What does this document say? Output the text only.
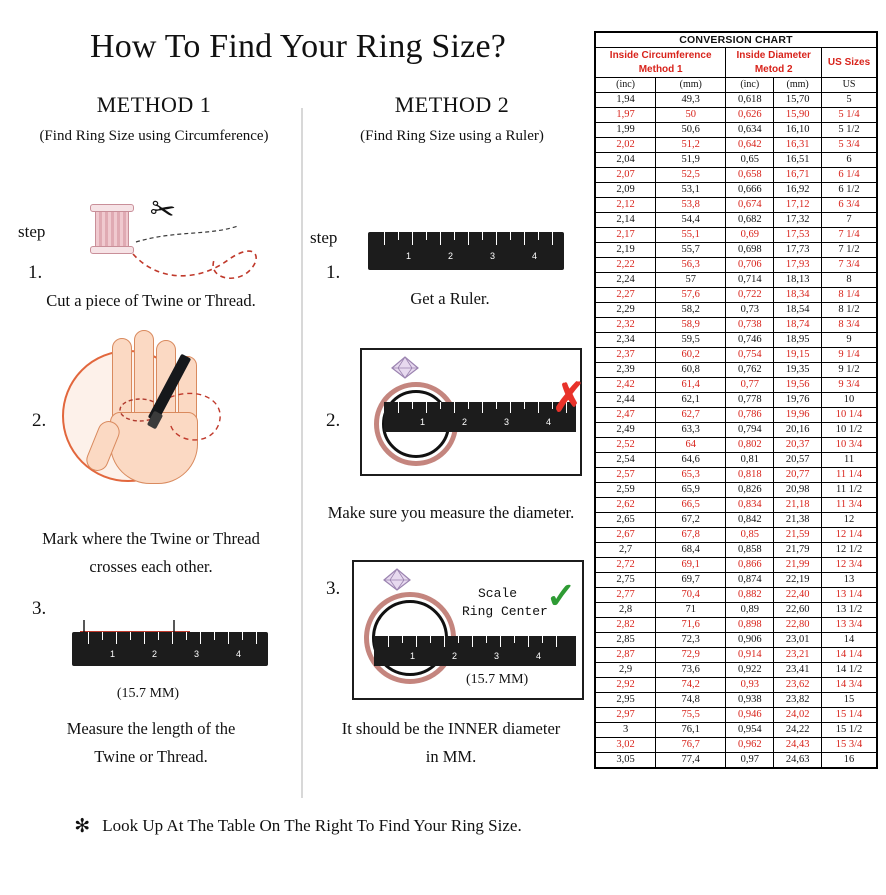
How To Find Your Ring Size?
METHOD 1
(Find Ring Size using Circumference)
METHOD 2
(Find Ring Size using a Ruler)
step
1.
✂
Cut a piece of Twine or Thread.
2.
Mark where the Twine or Thread
crosses each other.
3.
1	2	3	4
(15.7 MM)
Measure the length of the
Twine or Thread.
step
1.
1	2	3	4
Get a Ruler.
2.	1	2	3	4
✗
Make sure you measure the diameter.
3.
1	2	3	4
Scale
Ring Center
(15.7 MM)
✓
It should be the INNER diameter
in MM.
✻ Look Up At The Table On The Right To Find Your Ring Size.
CONVERSION CHART				

Inside Circumference
Method 1

Inside Diameter
Metod 2
	US Sizes
(inc)	(mm)	(inc)	(mm)	US
1,94	49,3	0,618	15,70	5
1,97	50	0,626	15,90	5 1/4
1,99	50,6	0,634	16,10	5 1/2
2,02	51,2	0,642	16,31	5 3/4
2,04	51,9	0,65	16,51	6
2,07	52,5	0,658	16,71	6 1/4
2,09	53,1	0,666	16,92	6 1/2
2,12	53,8	0,674	17,12	6 3/4
2,14	54,4	0,682	17,32	7
2,17	55,1	0,69	17,53	7 1/4
2,19	55,7	0,698	17,73	7 1/2
2,22	56,3	0,706	17,93	7 3/4
2,24	57	0,714	18,13	8
2,27	57,6	0,722	18,34	8 1/4
2,29	58,2	0,73	18,54	8 1/2
2,32	58,9	0,738	18,74	8 3/4
2,34	59,5	0,746	18,95	9
2,37	60,2	0,754	19,15	9 1/4
2,39	60,8	0,762	19,35	9 1/2
2,42	61,4	0,77	19,56	9 3/4
2,44	62,1	0,778	19,76	10
2,47	62,7	0,786	19,96	10 1/4
2,49	63,3	0,794	20,16	10 1/2
2,52	64	0,802	20,37	10 3/4
2,54	64,6	0,81	20,57	11
2,57	65,3	0,818	20,77	11 1/4
2,59	65,9	0,826	20,98	11 1/2
2,62	66,5	0,834	21,18	11 3/4
2,65	67,2	0,842	21,38	12
2,67	67,8	0,85	21,59	12 1/4
2,7	68,4	0,858	21,79	12 1/2
2,72	69,1	0,866	21,99	12 3/4
2,75	69,7	0,874	22,19	13
2,77	70,4	0,882	22,40	13 1/4
2,8	71	0,89	22,60	13 1/2
2,82	71,6	0,898	22,80	13 3/4
2,85	72,3	0,906	23,01	14
2,87	72,9	0,914	23,21	14 1/4
2,9	73,6	0,922	23,41	14 1/2
2,92	74,2	0,93	23,62	14 3/4
2,95	74,8	0,938	23,82	15
2,97	75,5	0,946	24,02	15 1/4
3	76,1	0,954	24,22	15 1/2
3,02	76,7	0,962	24,43	15 3/4
3,05	77,4	0,97	24,63	16
